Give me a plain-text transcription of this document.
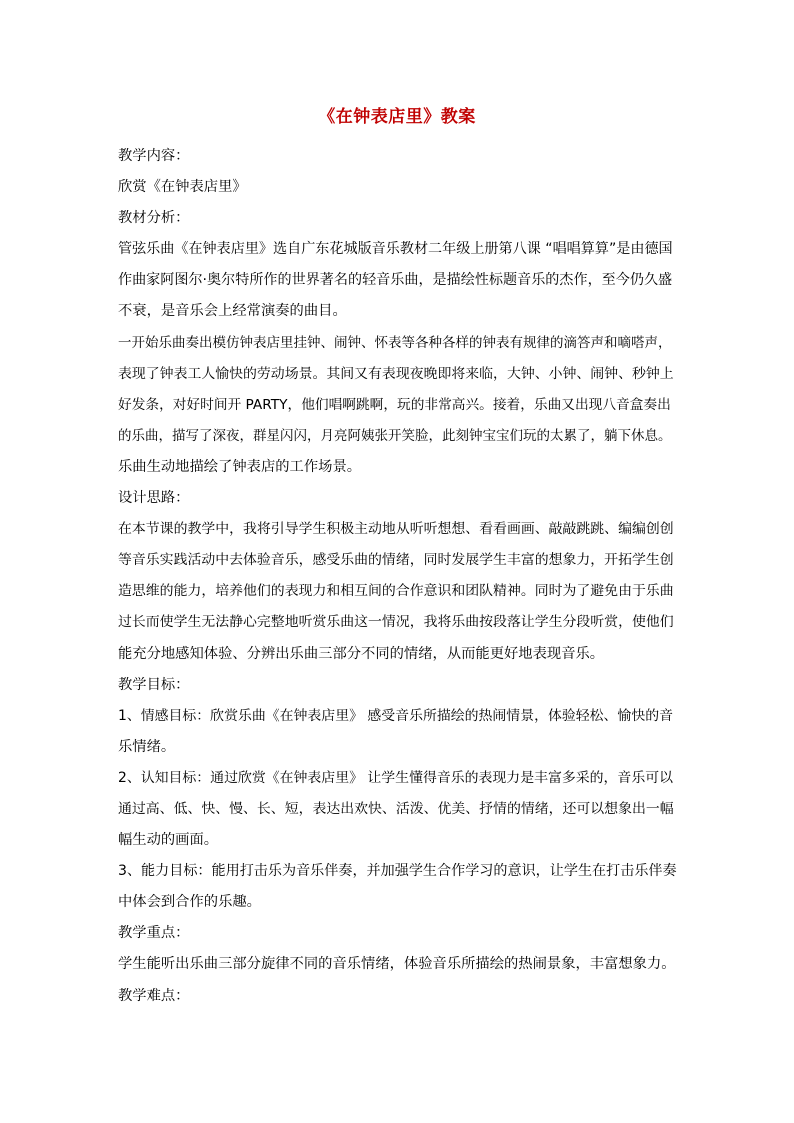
《在钟表店里》教案

教学内容：

欣赏《在钟表店里》

教材分析：

管弦乐曲《在钟表店里》选自广东花城版音乐教材二年级上册第八课 “唱唱算算”是由德国

作曲家阿图尔·奥尔特所作的世界著名的轻音乐曲，是描绘性标题音乐的杰作，至今仍久盛

不衰，是音乐会上经常演奏的曲目。

一开始乐曲奏出模仿钟表店里挂钟、闹钟、怀表等各种各样的钟表有规律的滴答声和嘀嗒声，

表现了钟表工人愉快的劳动场景。其间又有表现夜晚即将来临，大钟、小钟、闹钟、秒钟上

好发条，对好时间开 PARTY，他们唱啊跳啊，玩的非常高兴。接着，乐曲又出现八音盒奏出

的乐曲，描写了深夜，群星闪闪，月亮阿姨张开笑脸，此刻钟宝宝们玩的太累了，躺下休息。

乐曲生动地描绘了钟表店的工作场景。

设计思路：

在本节课的教学中，我将引导学生积极主动地从听听想想、看看画画、敲敲跳跳、编编创创

等音乐实践活动中去体验音乐，感受乐曲的情绪，同时发展学生丰富的想象力，开拓学生创

造思维的能力，培养他们的表现力和相互间的合作意识和团队精神。同时为了避免由于乐曲

过长而使学生无法静心完整地听赏乐曲这一情况，我将乐曲按段落让学生分段听赏，使他们

能充分地感知体验、分辨出乐曲三部分不同的情绪，从而能更好地表现音乐。

教学目标：

1、情感目标：欣赏乐曲《在钟表店里》 感受音乐所描绘的热闹情景，体验轻松、愉快的音

乐情绪。

2、认知目标：通过欣赏《在钟表店里》 让学生懂得音乐的表现力是丰富多采的，音乐可以

通过高、低、快、慢、长、短，表达出欢快、活泼、优美、抒情的情绪，还可以想象出一幅

幅生动的画面。

3、能力目标：能用打击乐为音乐伴奏，并加强学生合作学习的意识，让学生在打击乐伴奏

中体会到合作的乐趣。

教学重点：

学生能听出乐曲三部分旋律不同的音乐情绪，体验音乐所描绘的热闹景象，丰富想象力。

教学难点：
